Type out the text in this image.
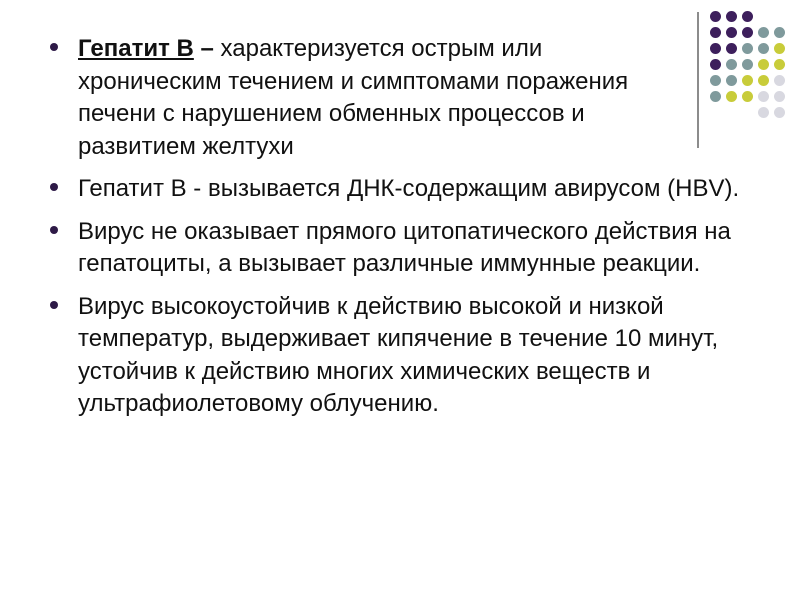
Гепатит В – характеризуется острым или хроническим течением и симптомами поражения печени с нарушением обменных процессов и развитием желтухи
Гепатит В - вызывается ДНК-содержащим авирусом (HBV).
Вирус не оказывает прямого цитопатического действия на гепатоциты, а вызывает различные иммунные реакции.
Вирус высокоустойчив к действию высокой и низкой температур, выдерживает кипячение в течение 10 минут, устойчив к действию многих химических веществ и ультрафиолетовому облучению.
